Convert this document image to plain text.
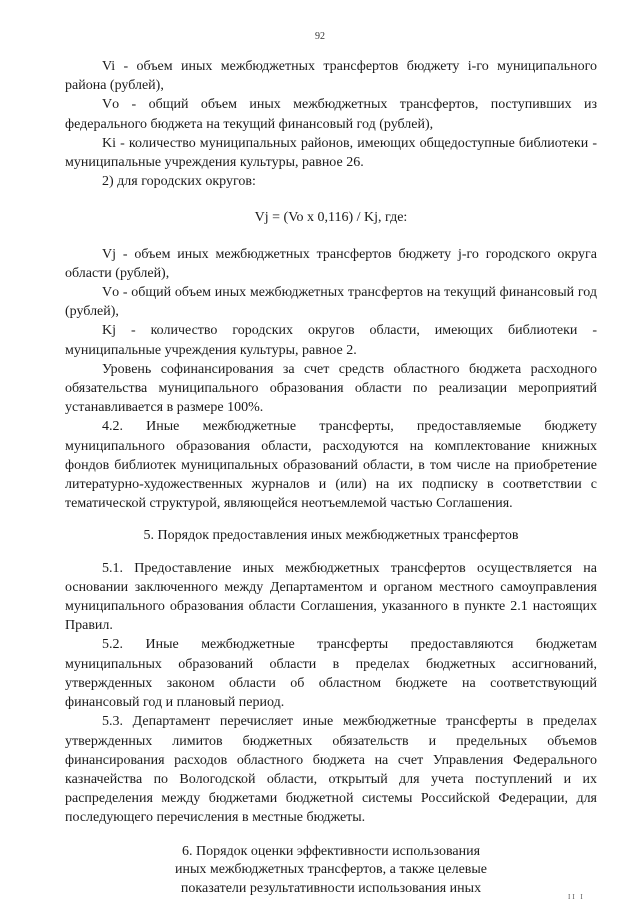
92

Vi - объем иных межбюджетных трансфертов бюджету i-го муниципального района (рублей),

Vо - общий объем иных межбюджетных трансфертов, поступивших из федерального бюджета на текущий финансовый год (рублей),

Ki - количество муниципальных районов, имеющих общедоступные библиотеки - муниципальные учреждения культуры, равное 26.

2) для городских округов:

Vj = (Vo x 0,116) / Kj, где:

Vj - объем иных межбюджетных трансфертов бюджету j-го городского округа области (рублей),

Vо - общий объем иных межбюджетных трансфертов на текущий финансовый год (рублей),

Kj - количество городских округов области, имеющих библиотеки - муниципальные учреждения культуры, равное 2.

Уровень софинансирования за счет средств областного бюджета расходного обязательства муниципального образования области по реализации мероприятий устанавливается в размере 100%.

4.2. Иные межбюджетные трансферты, предоставляемые бюджету муниципального образования области, расходуются на комплектование книжных фондов библиотек муниципальных образований области, в том числе на приобретение литературно-художественных журналов и (или) на их подписку в соответствии с тематической структурой, являющейся неотъемлемой частью Соглашения.

5. Порядок предоставления иных межбюджетных трансфертов

5.1. Предоставление иных межбюджетных трансфертов осуществляется на основании заключенного между Департаментом и органом местного самоуправления муниципального образования области Соглашения, указанного в пункте 2.1 настоящих Правил.

5.2. Иные межбюджетные трансферты предоставляются бюджетам муниципальных образований области в пределах бюджетных ассигнований, утвержденных законом области об областном бюджете на соответствующий финансовый год и плановый период.

5.3. Департамент перечисляет иные межбюджетные трансферты в пределах утвержденных лимитов бюджетных обязательств и предельных объемов финансирования расходов областного бюджета на счет Управления Федерального казначейства по Вологодской области, открытый для учета поступлений и их распределения между бюджетами бюджетной системы Российской Федерации, для последующего перечисления в местные бюджеты.

6. Порядок оценки эффективности использования
иных межбюджетных трансфертов, а также целевые
показатели результативности использования иных
II I
